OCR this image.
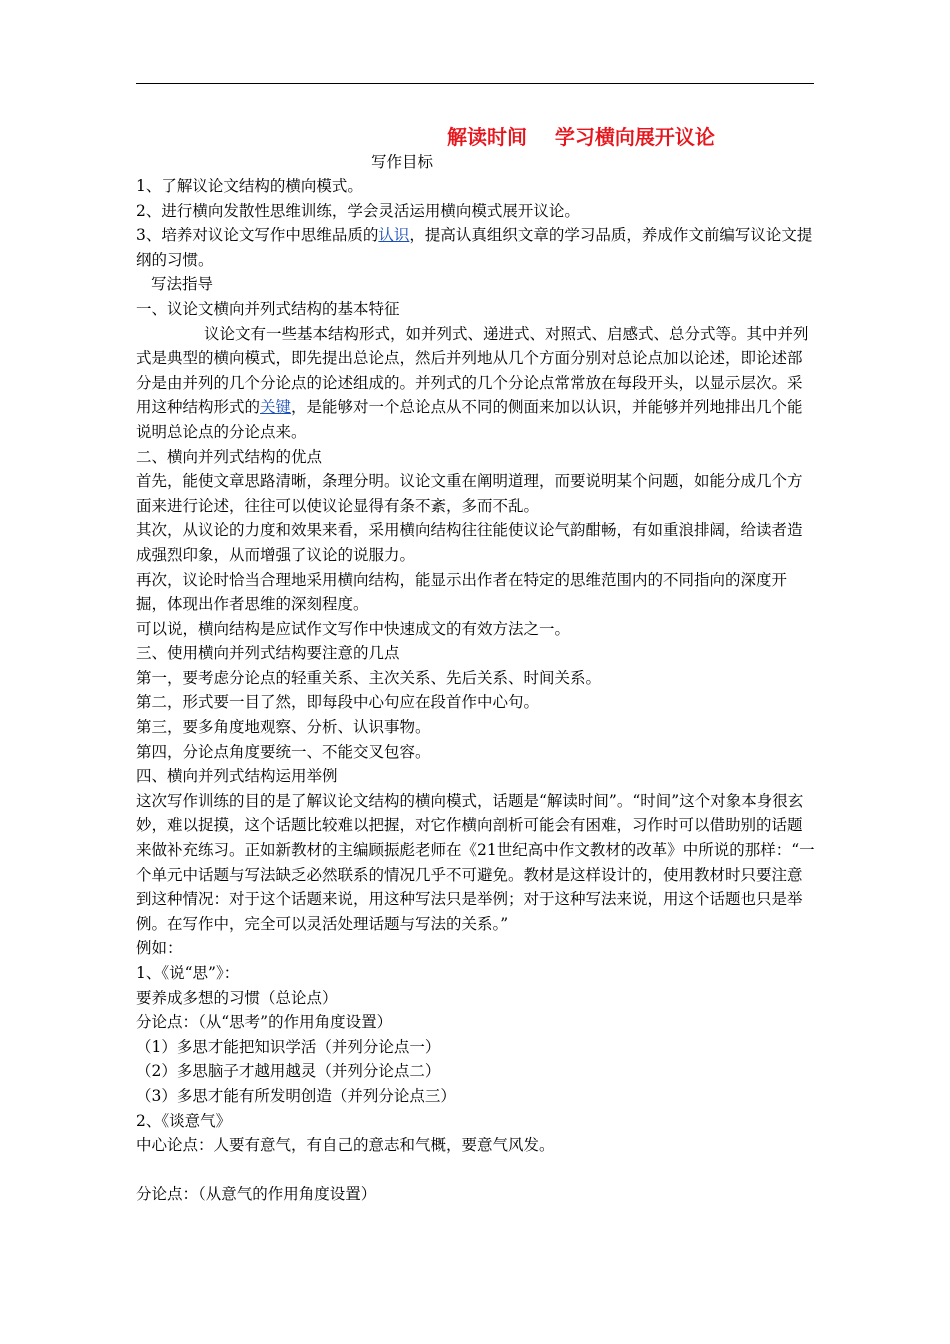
解读时间    学习横向展开议论
写作目标

1、了解议论文结构的横向模式。

2、进行横向发散性思维训练，学会灵活运用横向模式展开议论。

3、培养对议论文写作中思维品质的认识，提高认真组织文章的学习品质，养成作文前编写议论文提纲的习惯。

写法指导

一、议论文横向并列式结构的基本特征

议论文有一些基本结构形式，如并列式、递进式、对照式、启感式、总分式等。其中并列式是典型的横向模式，即先提出总论点，然后并列地从几个方面分别对总论点加以论述，即论述部分是由并列的几个分论点的论述组成的。并列式的几个分论点常常放在每段开头，以显示层次。采用这种结构形式的关键，是能够对一个总论点从不同的侧面来加以认识，并能够并列地排出几个能说明总论点的分论点来。

二、横向并列式结构的优点

首先，能使文章思路清晰，条理分明。议论文重在阐明道理，而要说明某个问题，如能分成几个方面来进行论述，往往可以使议论显得有条不紊，多而不乱。

其次，从议论的力度和效果来看，采用横向结构往往能使议论气韵酣畅，有如重浪排阔，给读者造成强烈印象，从而增强了议论的说服力。

再次，议论时恰当合理地采用横向结构，能显示出作者在特定的思维范围内的不同指向的深度开掘，体现出作者思维的深刻程度。

可以说，横向结构是应试作文写作中快速成文的有效方法之一。

三、使用横向并列式结构要注意的几点

第一，要考虑分论点的轻重关系、主次关系、先后关系、时间关系。

第二，形式要一目了然，即每段中心句应在段首作中心句。

第三，要多角度地观察、分析、认识事物。

第四，分论点角度要统一、不能交叉包容。

四、横向并列式结构运用举例

这次写作训练的目的是了解议论文结构的横向模式，话题是“解读时间”。“时间”这个对象本身很玄妙，难以捉摸，这个话题比较难以把握，对它作横向剖析可能会有困难，习作时可以借助别的话题来做补充练习。正如新教材的主编顾振彪老师在《21世纪高中作文教材的改革》中所说的那样：“一个单元中话题与写法缺乏必然联系的情况几乎不可避免。教材是这样设计的，使用教材时只要注意到这种情况：对于这个话题来说，用这种写法只是举例；对于这种写法来说，用这个话题也只是举例。在写作中，完全可以灵活处理话题与写法的关系。”

例如：

1、《说“思”》：

要养成多想的习惯（总论点）

分论点：（从“思考”的作用角度设置）

（1）多思才能把知识学活（并列分论点一）

（2）多思脑子才越用越灵（并列分论点二）

（3）多思才能有所发明创造（并列分论点三）

2、《谈意气》

中心论点：人要有意气，有自己的意志和气概，要意气风发。

分论点：（从意气的作用角度设置）
